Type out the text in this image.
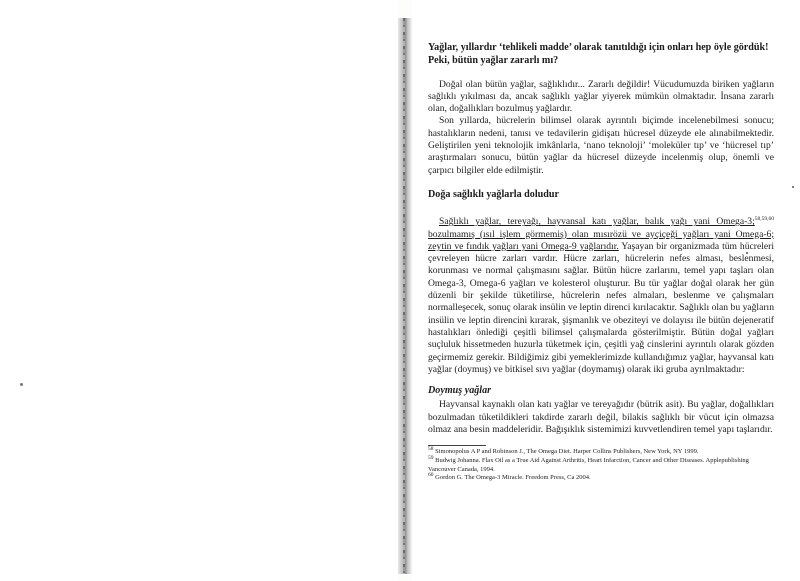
Yağlar, yıllardır ‘tehlikeli madde’ olarak tanıtıldığı için onları hep öyle gördük! Peki, bütün yağlar zararlı mı?

Doğal olan bütün yağlar, sağlıklıdır... Zararlı değildir! Vücudumuzda biriken yağların sağlıklı yıkılması da, ancak sağlıklı yağlar yiyerek mümkün olmaktadır. İnsana zararlı olan, doğallıkları bozulmuş yağlardır.

Son yıllarda, hücrelerin bilimsel olarak ayrıntılı biçimde incelenebilmesi sonucu; hastalıkların nedeni, tanısı ve tedavilerin gidişatı hücresel düzeyde ele alınabilmektedir. Geliştirilen yeni teknolojik imkânlarla, ‘nano teknoloji’ ‘moleküler tıp’ ve ‘hücresel tıp’ araştırmaları sonucu, bütün yağlar da hücresel düzeyde incelenmiş olup, önemli ve çarpıcı bilgiler elde edilmiştir.

Doğa sağlıklı yağlarla doludur

Sağlıklı yağlar, tereyağı, hayvansal katı yağlar, balık yağı yani Omega-3;$^{58,59,60}$ bozulmamış (ısıl işlem görmemiş) olan mısırözü ve ayçiçeği yağları yani Omega-6; zeytin ve fındık yağları yani Omega-9 yağlarıdır. Yaşayan bir organizmada tüm hücreleri çevreleyen hücre zarları vardır. Hücre zarları, hücrelerin nefes alması, beslenmesi, korunması ve normal çalışmasını sağlar. Bütün hücre zarlarını, temel yapı taşları olan Omega-3, Omega-6 yağları ve kolesterol oluşturur. Bu tür yağlar doğal olarak her gün düzenli bir şekilde tüketilirse, hücrelerin nefes almaları, beslenme ve çalışmaları normalleşecek, sonuç olarak insülin ve leptin direnci kırılacaktır. Sağlıklı olan bu yağların insülin ve leptin direncini kırarak, şişmanlık ve obeziteyi ve dolayısı ile bütün dejeneratif hastalıkları önlediği çeşitli bilimsel çalışmalarda gösterilmiştir. Bütün doğal yağları suçluluk hissetmeden huzurla tüketmek için, çeşitli yağ cinslerini ayrıntılı olarak gözden geçirmemiz gerekir. Bildiğimiz gibi yemeklerimizde kullandığımız yağlar, hayvansal katı yağlar (doymuş) ve bitkisel sıvı yağlar (doymamış) olarak iki gruba ayrılmaktadır:

Doymuş yağlar

Hayvansal kaynaklı olan katı yağlar ve tereyağıdır (bütrik asit). Bu yağlar, doğallıkları bozulmadan tüketildikleri takdirde zararlı değil, bilakis sağlıklı bir vücut için olmazsa olmaz ana besin maddeleridir. Bağışıklık sistemimizi kuvvetlendiren temel yapı taşlarıdır.

$^{58}$ Simonopolus A P and Robinson J., The Omega Diet. Harper Collins Publishers, New York, NY 1999.

$^{59}$ Budwig Johanna. Flax Oil as a True Aid Against Arthritis, Heart Infarction, Cancer and Other Diseases. Applepublishing Vancouver Canada, 1994.

$^{60}$ Gordon G. The Omega-3 Miracle. Freedom Press, Ca 2004.
